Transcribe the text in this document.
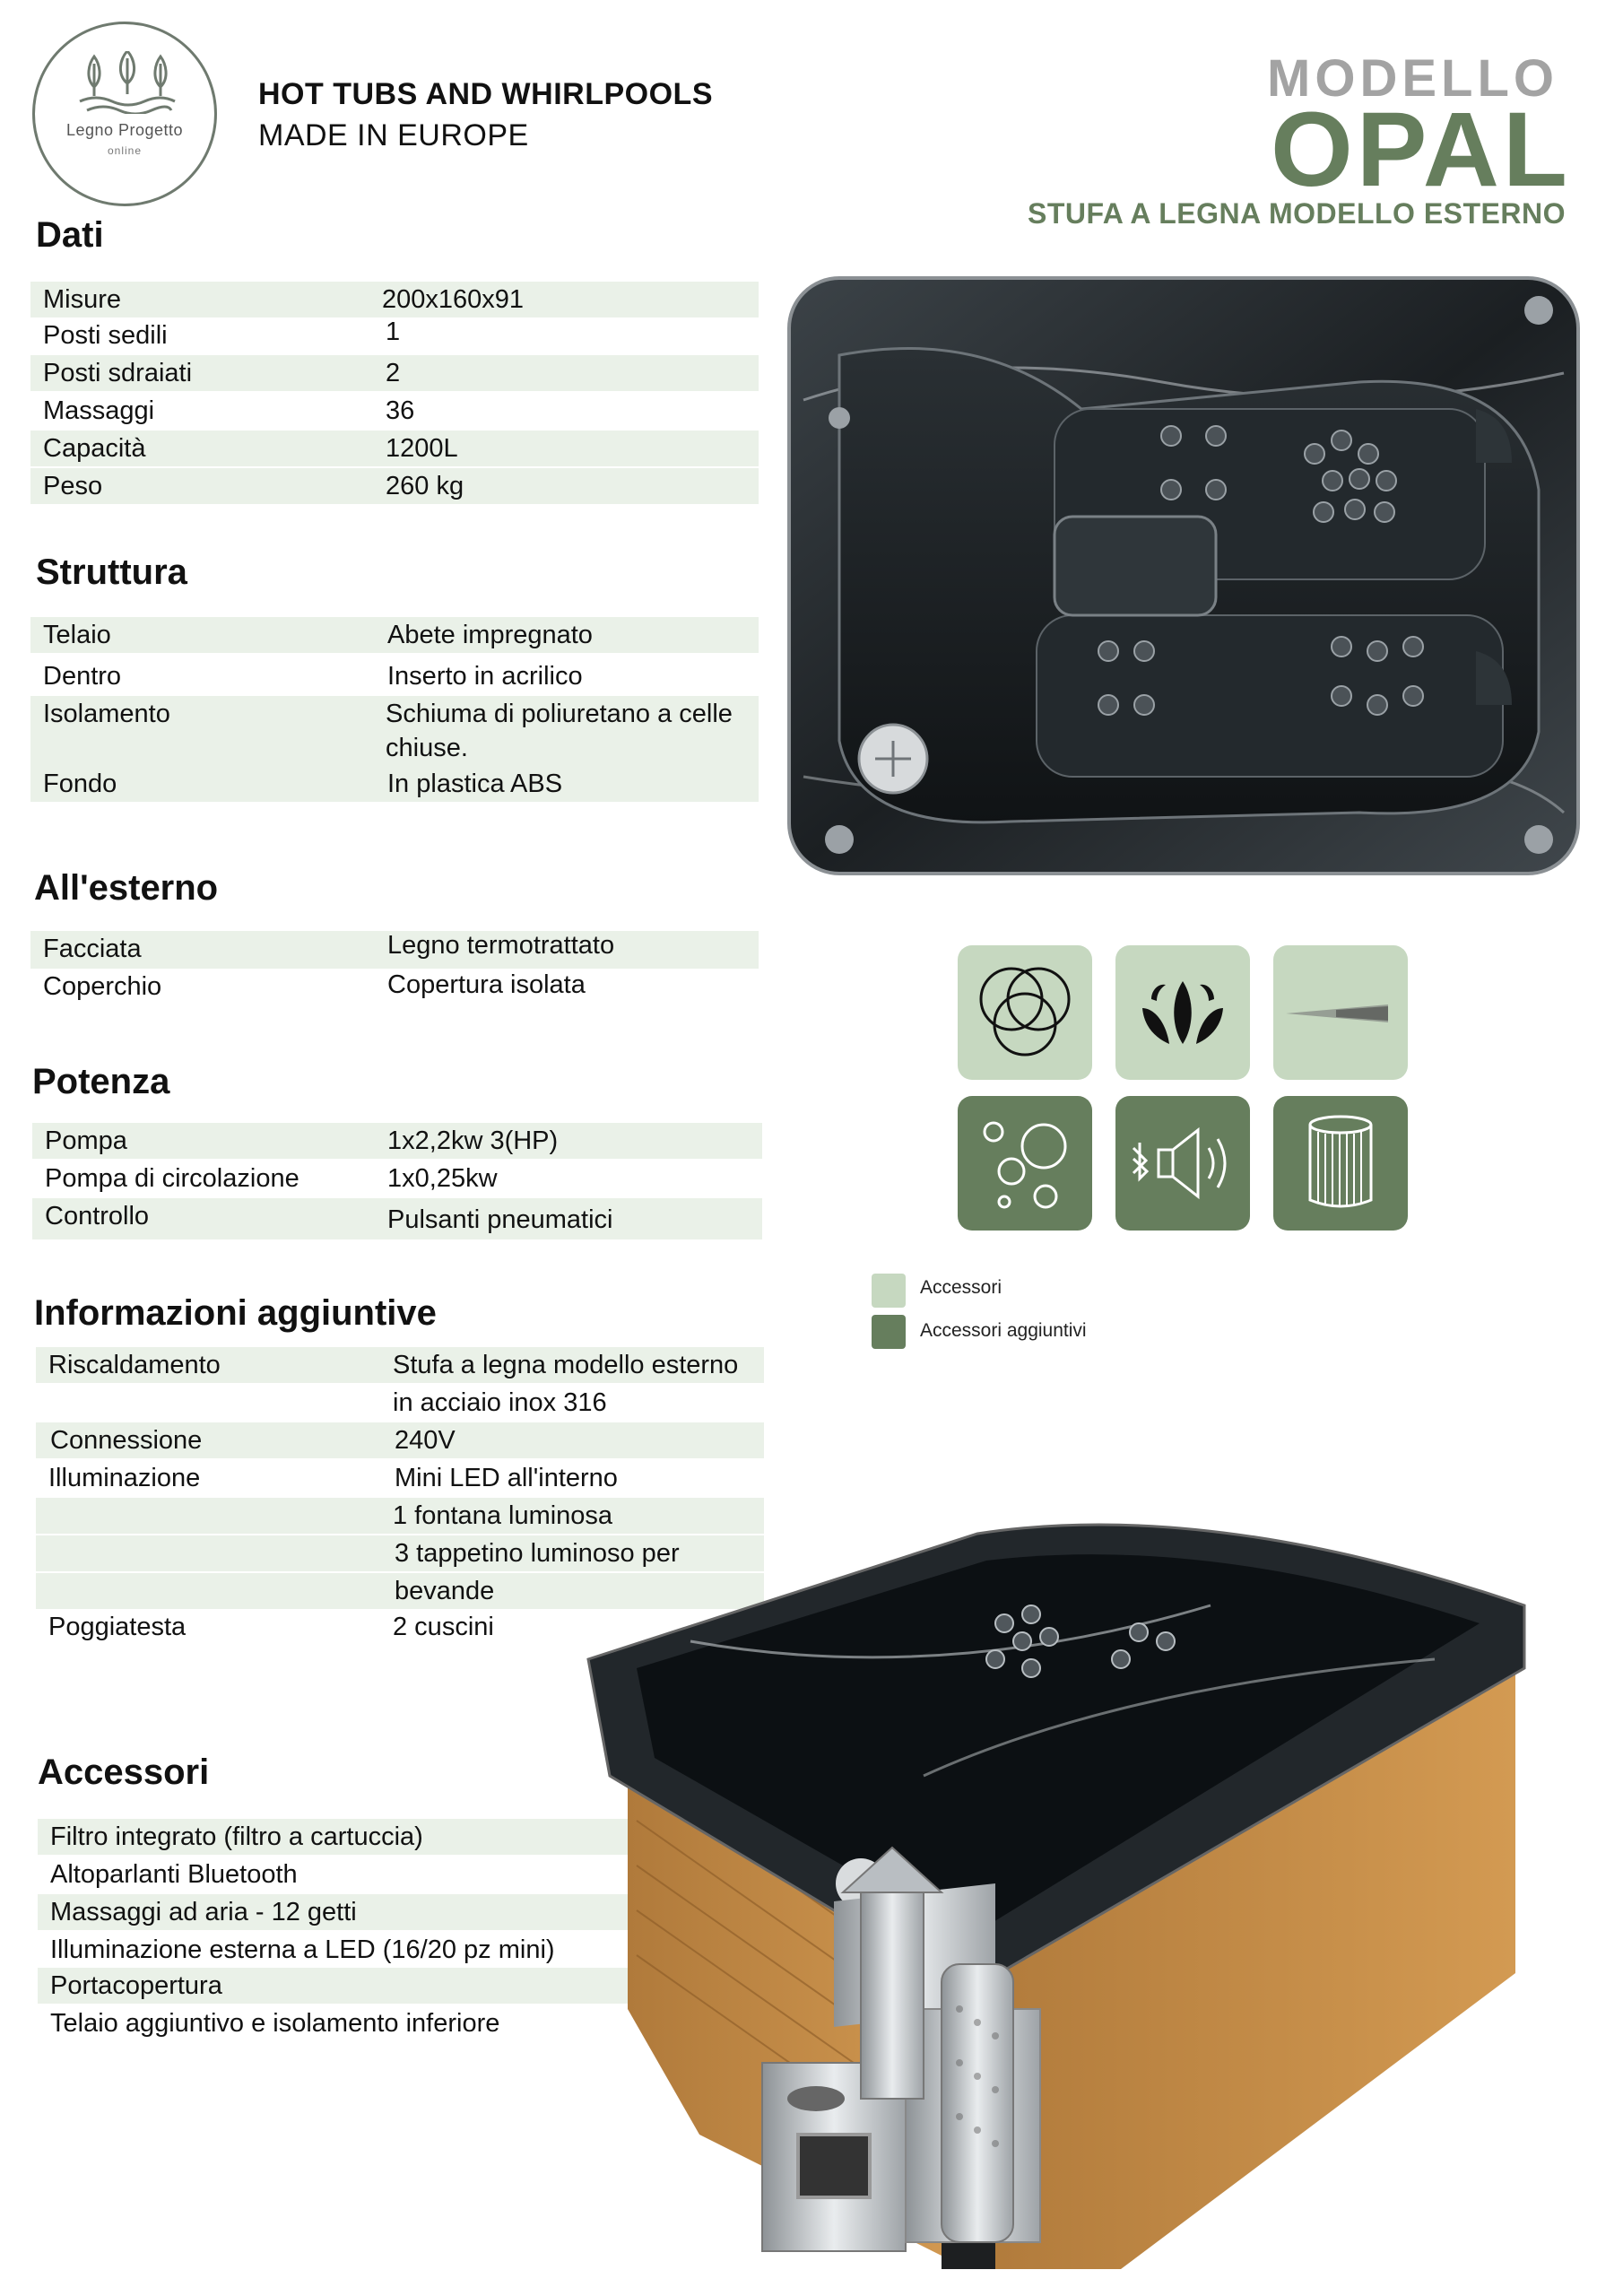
Legno Progetto
online
HOT TUBS AND WHIRLPOOLS
MADE IN EUROPE
MODELLO
OPAL
STUFA A LEGNA MODELLO ESTERNO
Dati
Misure	200x160x91
Posti sedili	1
Posti sdraiati	2
Massaggi	36
Capacità	1200L
Peso	260 kg
Struttura
Telaio	Abete impregnato
Dentro	Inserto in acrilico
Isolamento	Schiuma di poliuretano a celle
chiuse.
Fondo	In plastica ABS
All'esterno
Facciata	Legno termotrattato
Coperchio	Copertura isolata
Potenza
Pompa	1x2,2kw 3(HP)
Pompa di circolazione	1x0,25kw
Controllo	Pulsanti pneumatici
Informazioni aggiuntive
Riscaldamento	Stufa a legna modello esterno
in acciaio inox 316
Connessione	240V
Illuminazione	Mini LED all'interno
1 fontana luminosa
3 tappetino luminoso per
bevande
Poggiatesta	2 cuscini
Accessori
Filtro integrato (filtro a cartuccia)
Altoparlanti Bluetooth
Massaggi ad aria - 12 getti
Illuminazione esterna a LED (16/20 pz mini)
Portacopertura
Telaio aggiuntivo e isolamento inferiore
Accessori
Accessori aggiuntivi
